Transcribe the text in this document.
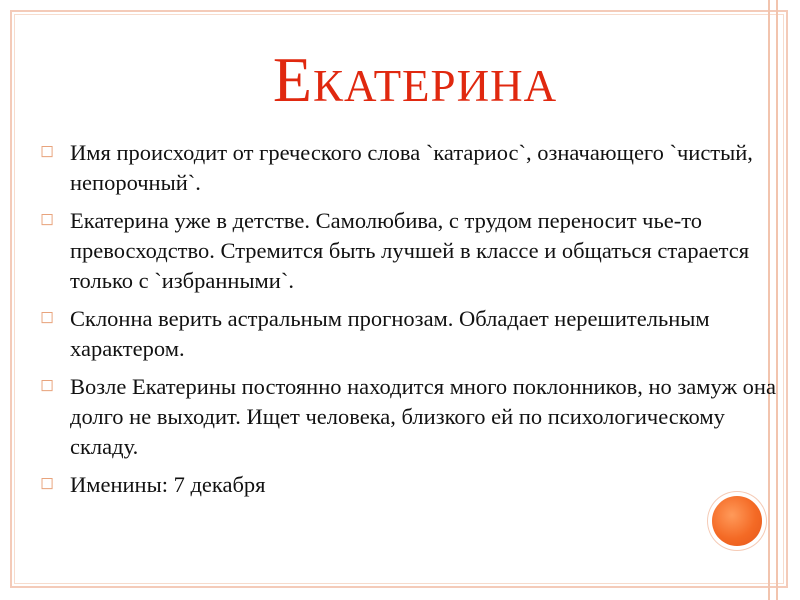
Екатерина
◻ Имя происходит от греческого слова `катариос`, означающего `чистый, непорочный`.
◻ Екатерина уже в детстве. Самолюбива, с трудом переносит чье-то превосходство. Стремится быть лучшей в классе и общаться старается только с `избранными`.
◻ Склонна верить астральным прогнозам. Обладает нерешительным характером.
◻ Возле Екатерины постоянно находится много поклонников, но замуж она долго не выходит. Ищет человека, близкого ей по психологическому складу.
◻ Именины: 7 декабря
